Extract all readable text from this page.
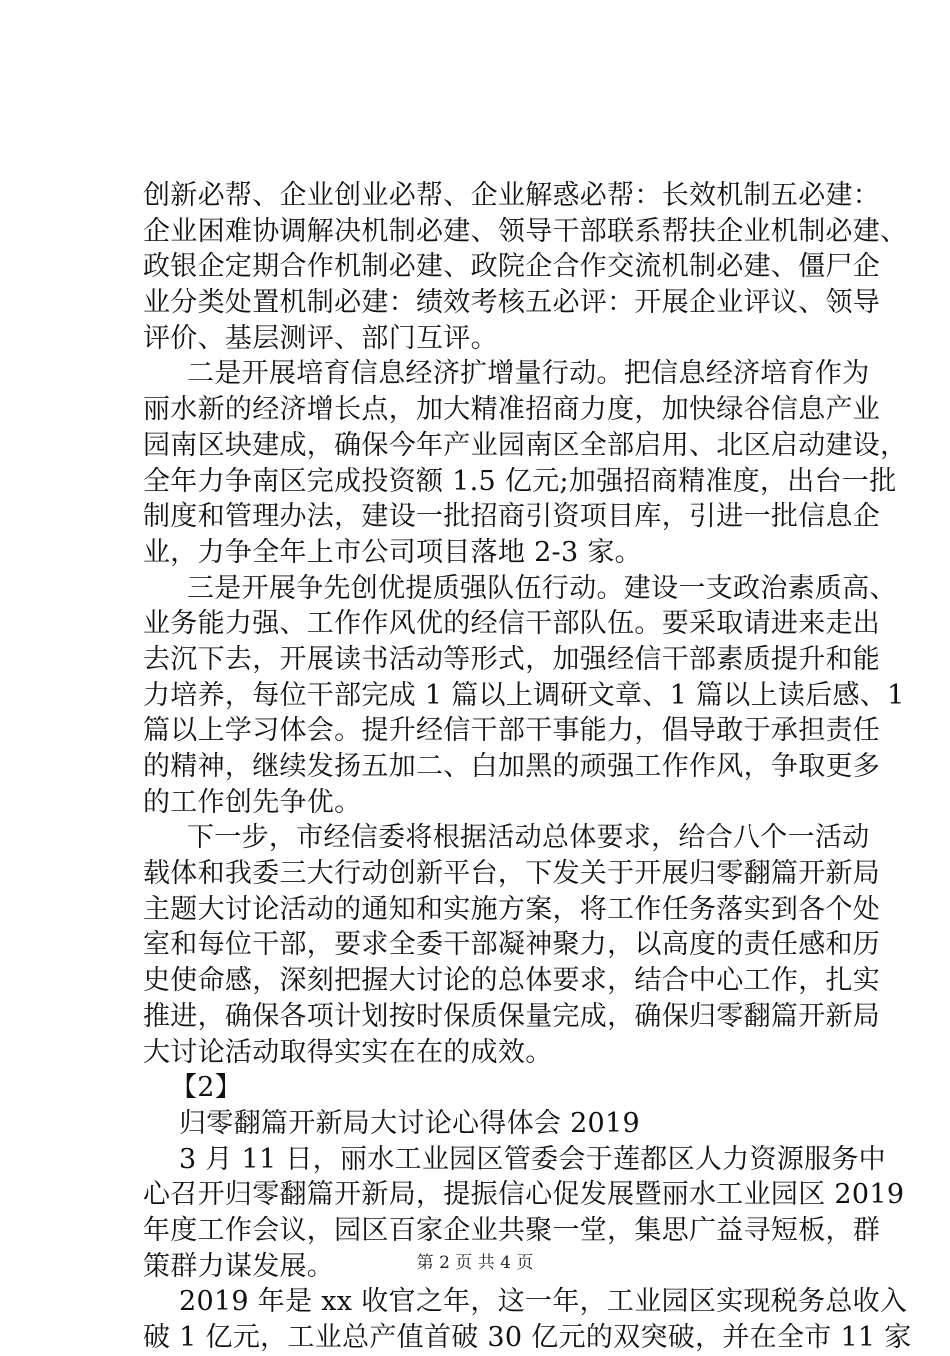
创新必帮、企业创业必帮、企业解惑必帮：长效机制五必建：
企业困难协调解决机制必建、领导干部联系帮扶企业机制必建、
政银企定期合作机制必建、政院企合作交流机制必建、僵尸企
业分类处置机制必建：绩效考核五必评：开展企业评议、领导
评价、基层测评、部门互评。
二是开展培育信息经济扩增量行动。把信息经济培育作为
丽水新的经济增长点，加大精准招商力度，加快绿谷信息产业
园南区块建成，确保今年产业园南区全部启用、北区启动建设，
全年力争南区完成投资额 1.5 亿元;加强招商精准度，出台一批
制度和管理办法，建设一批招商引资项目库，引进一批信息企
业，力争全年上市公司项目落地 2-3 家。
三是开展争先创优提质强队伍行动。建设一支政治素质高、
业务能力强、工作作风优的经信干部队伍。要采取请进来走出
去沉下去，开展读书活动等形式，加强经信干部素质提升和能
力培养，每位干部完成 1 篇以上调研文章、1 篇以上读后感、1
篇以上学习体会。提升经信干部干事能力，倡导敢于承担责任
的精神，继续发扬五加二、白加黑的顽强工作作风，争取更多
的工作创先争优。
下一步，市经信委将根据活动总体要求，给合八个一活动
载体和我委三大行动创新平台，下发关于开展归零翻篇开新局
主题大讨论活动的通知和实施方案，将工作任务落实到各个处
室和每位干部，要求全委干部凝神聚力，以高度的责任感和历
史使命感，深刻把握大讨论的总体要求，结合中心工作，扎实
推进，确保各项计划按时保质保量完成，确保归零翻篇开新局
大讨论活动取得实实在在的成效。
【2】
归零翻篇开新局大讨论心得体会 2019
3 月 11 日，丽水工业园区管委会于莲都区人力资源服务中
心召开归零翻篇开新局，提振信心促发展暨丽水工业园区 2019
年度工作会议，园区百家企业共聚一堂，集思广益寻短板，群
策群力谋发展。
2019 年是 xx 收官之年，这一年，工业园区实现税务总收入
破 1 亿元，工业总产值首破 30 亿元的双突破，并在全市 11 家
第 2 页 共 4 页
